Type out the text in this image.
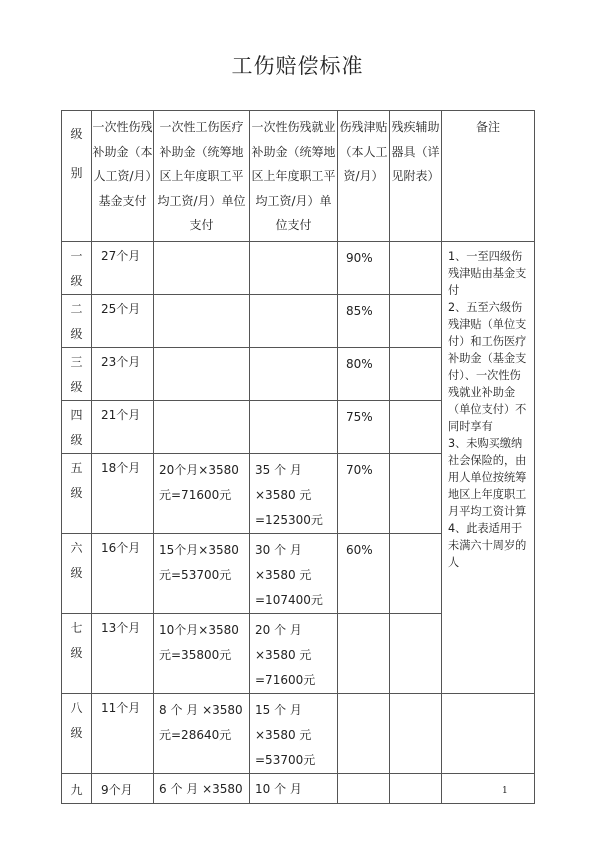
工伤赔偿标准
级别	一次性伤残补助金（本人工资/月）基金支付	一次性工伤医疗补助金（统筹地区上年度职工平均工资/月）单位支付	一次性伤残就业补助金（统筹地区上年度职工平均工资/月）单位支付	伤残津贴（本人工资/月）	残疾辅助器具（详见附表）	备注

一级	27个月			90%		1、一至四级伤残津贴由基金支付
2、五至六级伤残津贴（单位支付）和工伤医疗补助金（基金支付）、一次性伤残就业补助金（单位支付）不同时享有
3、未购买缴纳社会保险的，由用人单位按统筹地区上年度职工月平均工资计算
4、此表适用于未满六十周岁的人

二级	25个月			85%		

三级	23个月			80%		

四级	21个月			75%		

五级	18个月	20个月×3580元=71600元	35 个 月×3580 元=125300元	70%		

六级	16个月	15个月×3580元=53700元	30 个 月×3580 元=107400元	60%		

七级	13个月	10个月×3580元=35800元	20 个 月×3580 元=71600元			

八级	11个月	8 个 月 ×3580元=28640元	15 个 月×3580 元=53700元			
九	9个月	6 个 月 ×3580	10 个 月				1
